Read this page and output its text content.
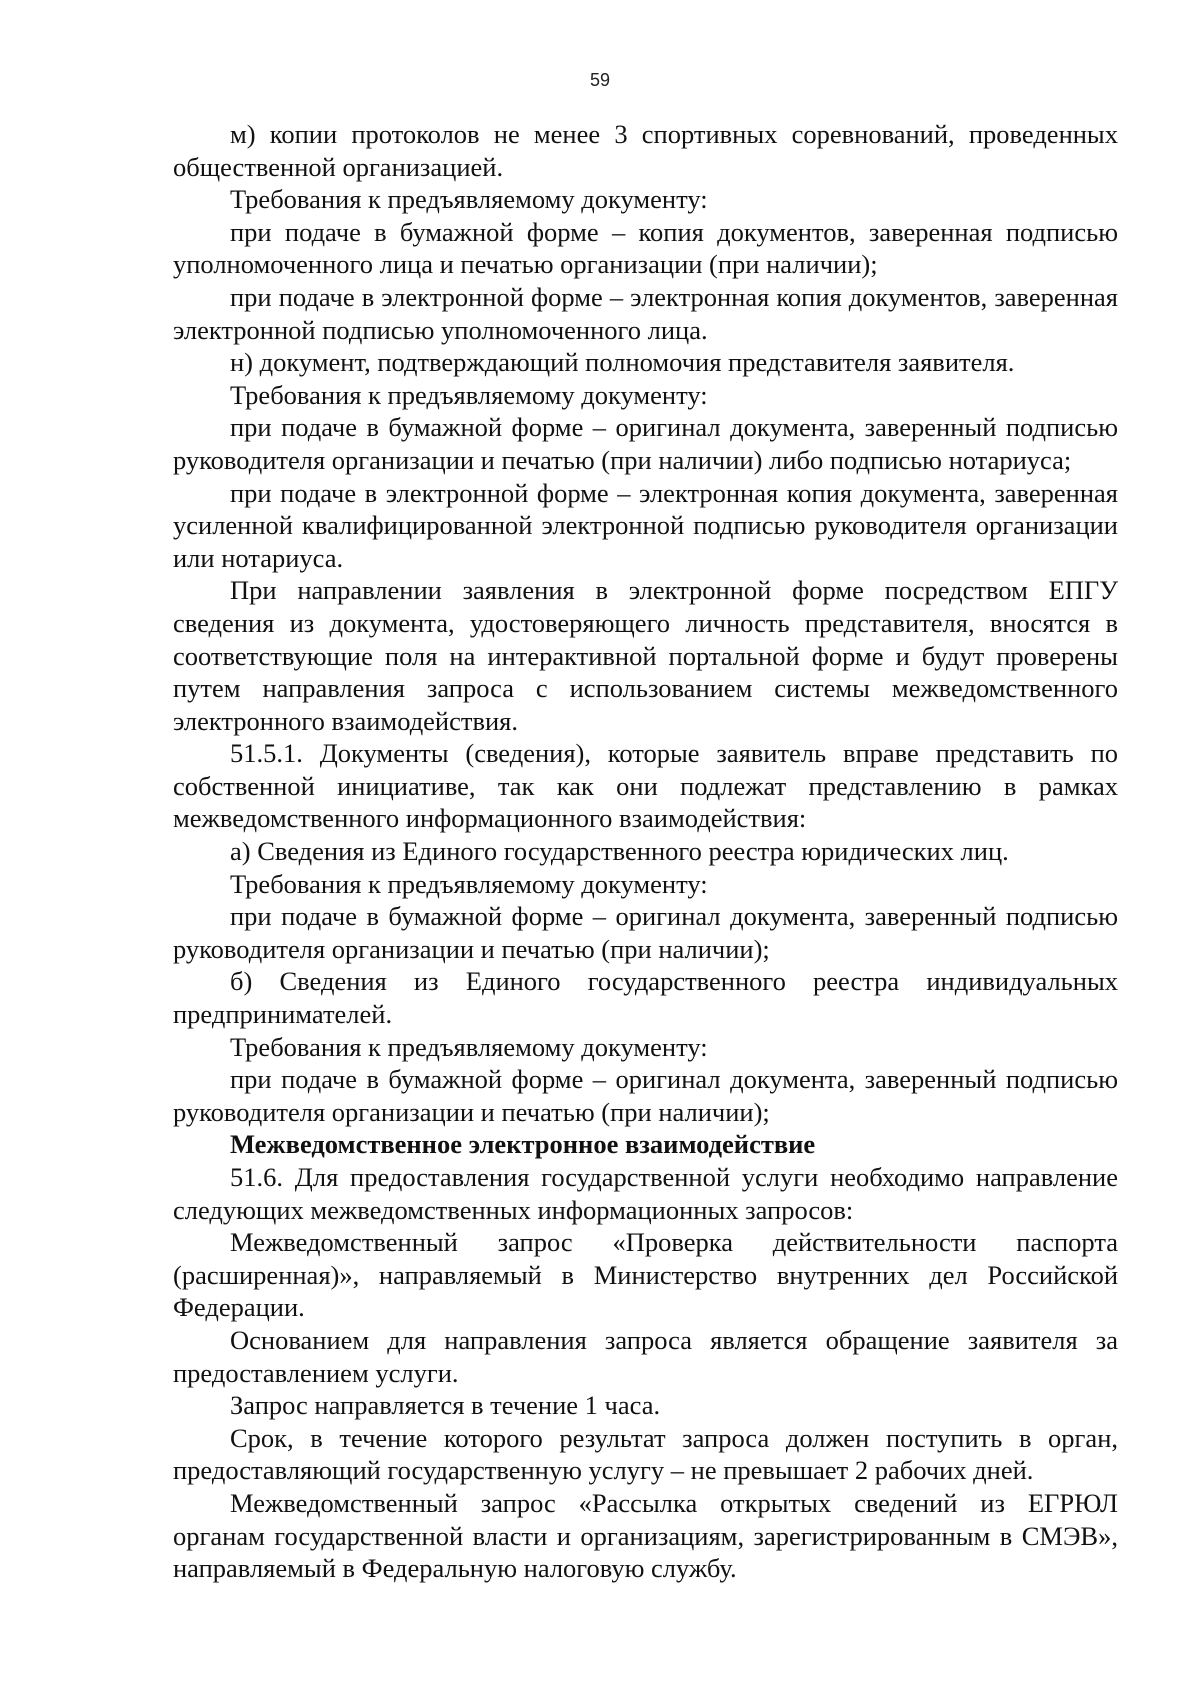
59

м) копии протоколов не менее 3 спортивных соревнований, проведенных общественной организацией.

Требования к предъявляемому документу:

при подаче в бумажной форме – копия документов, заверенная подписью уполномоченного лица и печатью организации (при наличии);

при подаче в электронной форме – электронная копия документов, заверенная электронной подписью уполномоченного лица.

н) документ, подтверждающий полномочия представителя заявителя.

Требования к предъявляемому документу:

при подаче в бумажной форме – оригинал документа, заверенный подписью руководителя организации и печатью (при наличии) либо подписью нотариуса;

при подаче в электронной форме – электронная копия документа, заверенная усиленной квалифицированной электронной подписью руководителя организации или нотариуса.

При направлении заявления в электронной форме посредством ЕПГУ сведения из документа, удостоверяющего личность представителя, вносятся в соответствующие поля на интерактивной портальной форме и будут проверены путем направления запроса с использованием системы межведомственного электронного взаимодействия.

51.5.1. Документы (сведения), которые заявитель вправе представить по собственной инициативе, так как они подлежат представлению в рамках межведомственного информационного взаимодействия:

а) Сведения из Единого государственного реестра юридических лиц.

Требования к предъявляемому документу:

при подаче в бумажной форме – оригинал документа, заверенный подписью руководителя организации и печатью (при наличии);

б) Сведения из Единого государственного реестра индивидуальных предпринимателей.

Требования к предъявляемому документу:

при подаче в бумажной форме – оригинал документа, заверенный подписью руководителя организации и печатью (при наличии);

Межведомственное электронное взаимодействие

51.6. Для предоставления государственной услуги необходимо направление следующих межведомственных информационных запросов:

Межведомственный запрос «Проверка действительности паспорта (расширенная)», направляемый в Министерство внутренних дел Российской Федерации.

Основанием для направления запроса является обращение заявителя за предоставлением услуги.

Запрос направляется в течение 1 часа.

Срок, в течение которого результат запроса должен поступить в орган, предоставляющий государственную услугу – не превышает 2 рабочих дней.

Межведомственный запрос «Рассылка открытых сведений из ЕГРЮЛ органам государственной власти и организациям, зарегистрированным в СМЭВ», направляемый в Федеральную налоговую службу.
